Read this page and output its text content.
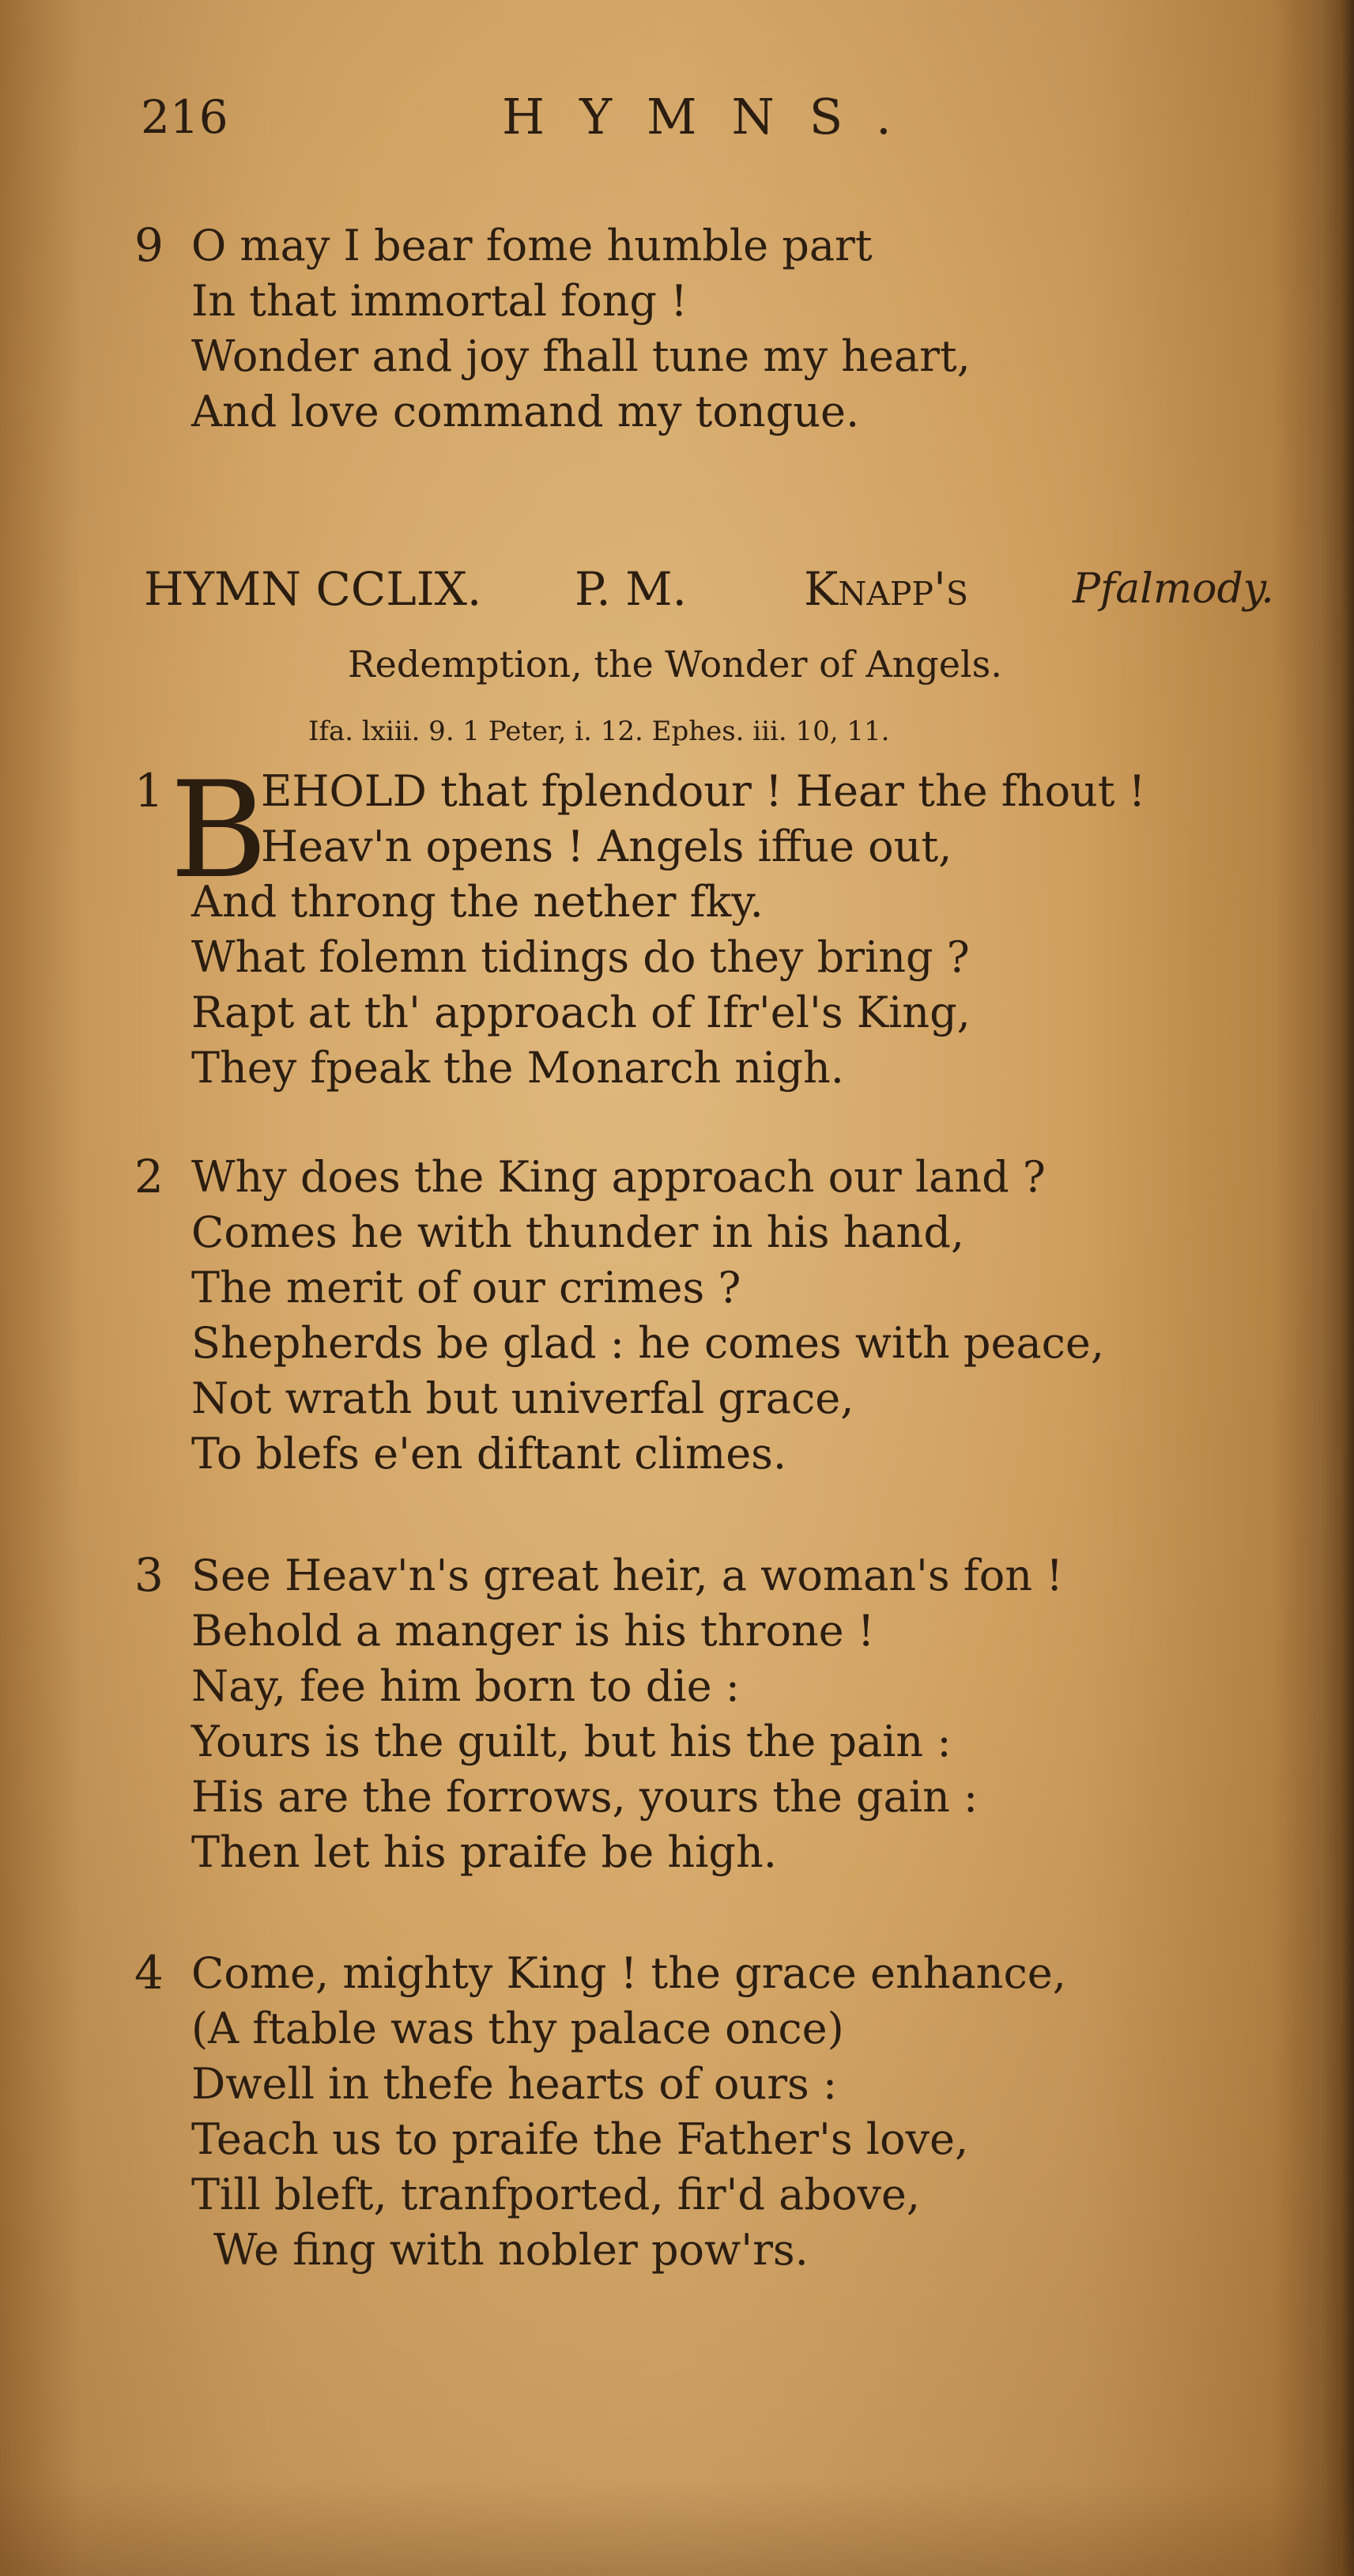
216	HYMNS.
9 O may I bear fome humble part
In that immortal fong !
Wonder and joy fhall tune my heart,
And love command my tongue.
HYMN CCLIX. P. M.	Knapp's	Pfalmody.
Redemption, the Wonder of Angels.
Ifa. lxiii. 9. 1 Peter, i. 12. Ephes. iii. 10, 11.
1 EHOLD that fplendour ! Hear the fhout !
Heav'n opens ! Angels iffue out,
And throng the nether fky.
What folemn tidings do they bring ?
Rapt at th' approach of Ifr'el's King,
They fpeak the Monarch nigh.
B
2 Why does the King approach our land ?
Comes he with thunder in his hand,
The merit of our crimes ?
Shepherds be glad : he comes with peace,
Not wrath but univerfal grace,
To blefs e'en diftant climes.
3 See Heav'n's great heir, a woman's fon !
Behold a manger is his throne !
Nay, fee him born to die :
Yours is the guilt, but his the pain :
His are the forrows, yours the gain :
Then let his praife be high.
4 Come, mighty King ! the grace enhance,
(A ftable was thy palace once)
Dwell in thefe hearts of ours :
Teach us to praife the Father's love,
Till bleft, tranfported, fir'd above,
We fing with nobler pow'rs.
